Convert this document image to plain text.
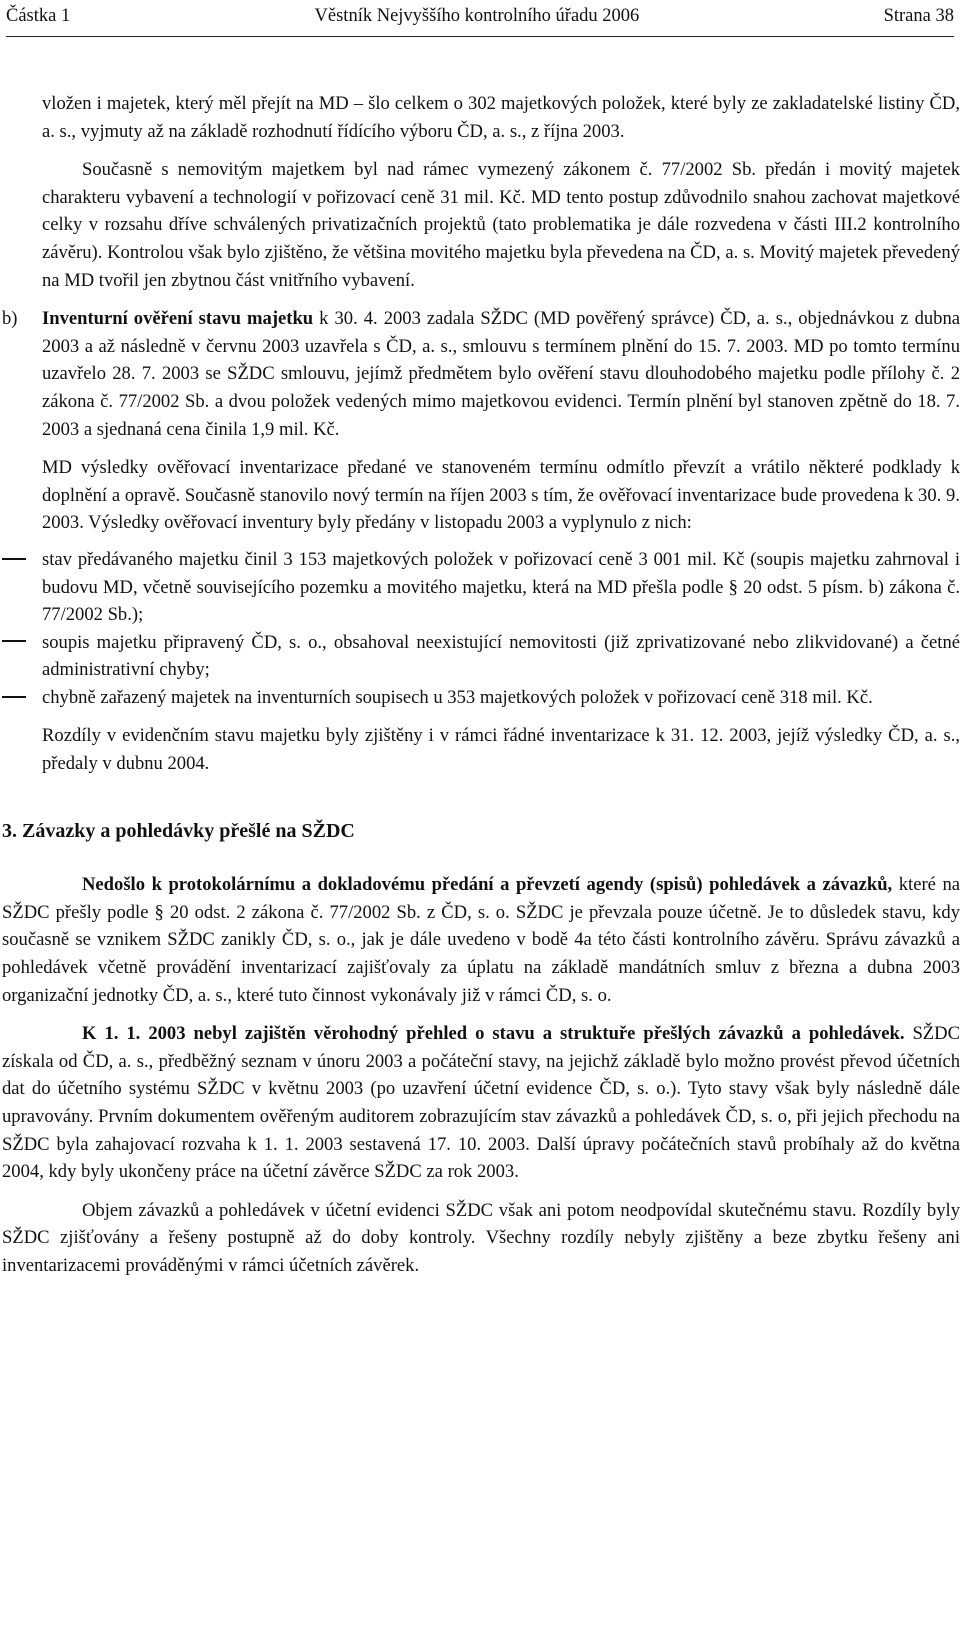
Částka 1	Věstník Nejvyššího kontrolního úřadu 2006	Strana 38

vložen i majetek, který měl přejít na MD – šlo celkem o 302 majetkových položek, které byly ze zakladatelské listiny ČD, a. s., vyjmuty až na základě rozhodnutí řídícího výboru ČD, a. s., z října 2003.

Současně s nemovitým majetkem byl nad rámec vymezený zákonem č. 77/2002 Sb. předán i movitý majetek charakteru vybavení a technologií v pořizovací ceně 31 mil. Kč. MD tento postup zdůvodnilo snahou zachovat majetkové celky v rozsahu dříve schválených privatizačních projektů (tato problematika je dále rozvedena v části III.2 kontrolního závěru). Kontrolou však bylo zjištěno, že většina movitého majetku byla převedena na ČD, a. s. Movitý majetek převedený na MD tvořil jen zbytnou část vnitřního vybavení.

b)	Inventurní ověření stavu majetku k 30. 4. 2003 zadala SŽDC (MD pověřený správce) ČD, a. s., objednávkou z dubna 2003 a až následně v červnu 2003 uzavřela s ČD, a. s., smlouvu s termínem plnění do 15. 7. 2003. MD po tomto termínu uzavřelo 28. 7. 2003 se SŽDC smlouvu, jejímž předmětem bylo ověření stavu dlouhodobého majetku podle přílohy č. 2 zákona č. 77/2002 Sb. a dvou položek vedených mimo majetkovou evidenci. Termín plnění byl stanoven zpětně do 18. 7. 2003 a sjednaná cena činila 1,9 mil. Kč.

MD výsledky ověřovací inventarizace předané ve stanoveném termínu odmítlo převzít a vrátilo některé podklady k doplnění a opravě. Současně stanovilo nový termín na říjen 2003 s tím, že ověřovací inventarizace bude provedena k 30. 9. 2003. Výsledky ověřovací inventury byly předány v listopadu 2003 a vyplynulo z nich:

stav předávaného majetku činil 3 153 majetkových položek v pořizovací ceně 3 001 mil. Kč (soupis majetku zahrnoval i budovu MD, včetně souvisejícího pozemku a movitého majetku, která na MD přešla podle § 20 odst. 5 písm. b) zákona č. 77/2002 Sb.);
soupis majetku připravený ČD, s. o., obsahoval neexistující nemovitosti (již zprivatizované nebo zlikvidované) a četné administrativní chyby;
chybně zařazený majetek na inventurních soupisech u 353 majetkových položek v pořizovací ceně 318 mil. Kč.

Rozdíly v evidenčním stavu majetku byly zjištěny i v rámci řádné inventarizace k 31. 12. 2003, jejíž výsledky ČD, a. s., předaly v dubnu 2004.

3. Závazky a pohledávky přešlé na SŽDC

Nedošlo k protokolárnímu a dokladovému předání a převzetí agendy (spisů) pohledávek a závazků, které na SŽDC přešly podle § 20 odst. 2 zákona č. 77/2002 Sb. z ČD, s. o. SŽDC je převzala pouze účetně. Je to důsledek stavu, kdy současně se vznikem SŽDC zanikly ČD, s. o., jak je dále uvedeno v bodě 4a této části kontrolního závěru. Správu závazků a pohledávek včetně provádění inventarizací zajišťovaly za úplatu na základě mandátních smluv z března a dubna 2003 organizační jednotky ČD, a. s., které tuto činnost vykonávaly již v rámci ČD, s. o.

K 1. 1. 2003 nebyl zajištěn věrohodný přehled o stavu a struktuře přešlých závazků a pohledávek. SŽDC získala od ČD, a. s., předběžný seznam v únoru 2003 a počáteční stavy, na jejichž základě bylo možno provést převod účetních dat do účetního systému SŽDC v květnu 2003 (po uzavření účetní evidence ČD, s. o.). Tyto stavy však byly následně dále upravovány. Prvním dokumentem ověřeným auditorem zobrazujícím stav závazků a pohledávek ČD, s. o, při jejich přechodu na SŽDC byla zahajovací rozvaha k 1. 1. 2003 sestavená 17. 10. 2003. Další úpravy počátečních stavů probíhaly až do května 2004, kdy byly ukončeny práce na účetní závěrce SŽDC za rok 2003.

Objem závazků a pohledávek v účetní evidenci SŽDC však ani potom neodpovídal skutečnému stavu. Rozdíly byly SŽDC zjišťovány a řešeny postupně až do doby kontroly. Všechny rozdíly nebyly zjištěny a beze zbytku řešeny ani inventarizacemi prováděnými v rámci účetních závěrek.
